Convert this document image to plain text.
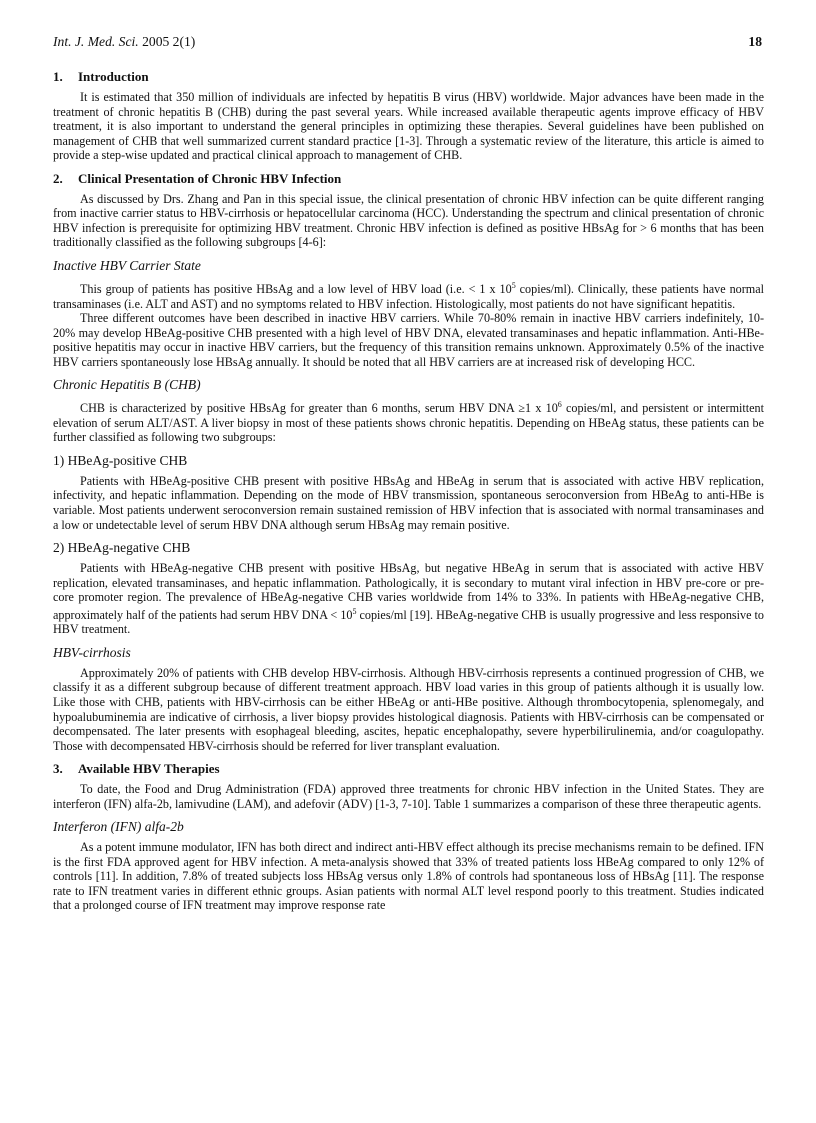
Int. J. Med. Sci. 2005 2(1)	18
1. Introduction

It is estimated that 350 million of individuals are infected by hepatitis B virus (HBV) worldwide. Major advances have been made in the treatment of chronic hepatitis B (CHB) during the past several years. While increased available therapeutic agents improve efficacy of HBV treatment, it is also important to understand the general principles in optimizing these therapies. Several guidelines have been published on management of CHB that well summarized current standard practice [1-3]. Through a systematic review of the literature, this article is aimed to provide a step-wise updated and practical clinical approach to management of CHB.

2. Clinical Presentation of Chronic HBV Infection

As discussed by Drs. Zhang and Pan in this special issue, the clinical presentation of chronic HBV infection can be quite different ranging from inactive carrier status to HBV-cirrhosis or hepatocellular carcinoma (HCC). Understanding the spectrum and clinical presentation of chronic HBV infection is prerequisite for optimizing HBV treatment. Chronic HBV infection is defined as positive HBsAg for > 6 months that has been traditionally classified as the following subgroups [4-6]:

Inactive HBV Carrier State

This group of patients has positive HBsAg and a low level of HBV load (i.e. < 1 x $10^5$ copies/ml). Clinically, these patients have normal transaminases (i.e. ALT and AST) and no symptoms related to HBV infection. Histologically, most patients do not have significant hepatitis.

Three different outcomes have been described in inactive HBV carriers. While 70-80% remain in inactive HBV carriers indefinitely, 10-20% may develop HBeAg-positive CHB presented with a high level of HBV DNA, elevated transaminases and hepatic inflammation. Anti-HBe-positive hepatitis may occur in inactive HBV carriers, but the frequency of this transition remains unknown. Approximately 0.5% of the inactive HBV carriers spontaneously lose HBsAg annually. It should be noted that all HBV carriers are at increased risk of developing HCC.

Chronic Hepatitis B (CHB)

CHB is characterized by positive HBsAg for greater than 6 months, serum HBV DNA ≥1 x $10^6$ copies/ml, and persistent or intermittent elevation of serum ALT/AST. A liver biopsy in most of these patients shows chronic hepatitis. Depending on HBeAg status, these patients can be further classified as following two subgroups:

1) HBeAg-positive CHB

Patients with HBeAg-positive CHB present with positive HBsAg and HBeAg in serum that is associated with active HBV replication, infectivity, and hepatic inflammation. Depending on the mode of HBV transmission, spontaneous seroconversion from HBeAg to anti-HBe is variable. Most patients underwent seroconversion remain sustained remission of HBV infection that is associated with normal transaminases and a low or undetectable level of serum HBV DNA although serum HBsAg may remain positive.

2) HBeAg-negative CHB

Patients with HBeAg-negative CHB present with positive HBsAg, but negative HBeAg in serum that is associated with active HBV replication, elevated transaminases, and hepatic inflammation. Pathologically, it is secondary to mutant viral infection in HBV pre-core or pre-core promoter region. The prevalence of HBeAg-negative CHB varies worldwide from 14% to 33%. In patients with HBeAg-negative CHB, approximately half of the patients had serum HBV DNA < $10^5$ copies/ml [19]. HBeAg-negative CHB is usually progressive and less responsive to HBV treatment.

HBV-cirrhosis

Approximately 20% of patients with CHB develop HBV-cirrhosis. Although HBV-cirrhosis represents a continued progression of CHB, we classify it as a different subgroup because of different treatment approach. HBV load varies in this group of patients although it is usually low. Like those with CHB, patients with HBV-cirrhosis can be either HBeAg or anti-HBe positive. Although thrombocytopenia, splenomegaly, and hypoalubuminemia are indicative of cirrhosis, a liver biopsy provides histological diagnosis. Patients with HBV-cirrhosis can be compensated or decompensated. The later presents with esophageal bleeding, ascites, hepatic encephalopathy, severe hyperbilirulinemia, and/or coagulopathy. Those with decompensated HBV-cirrhosis should be referred for liver transplant evaluation.

3. Available HBV Therapies

To date, the Food and Drug Administration (FDA) approved three treatments for chronic HBV infection in the United States. They are interferon (IFN) alfa-2b, lamivudine (LAM), and adefovir (ADV) [1-3, 7-10]. Table 1 summarizes a comparison of these three therapeutic agents.

Interferon (IFN) alfa-2b

As a potent immune modulator, IFN has both direct and indirect anti-HBV effect although its precise mechanisms remain to be defined. IFN is the first FDA approved agent for HBV infection. A meta-analysis showed that 33% of treated patients loss HBeAg compared to only 12% of controls [11]. In addition, 7.8% of treated subjects loss HBsAg versus only 1.8% of controls had spontaneous loss of HBsAg [11]. The response rate to IFN treatment varies in different ethnic groups. Asian patients with normal ALT level respond poorly to this treatment. Studies indicated that a prolonged course of IFN treatment may improve response rate
